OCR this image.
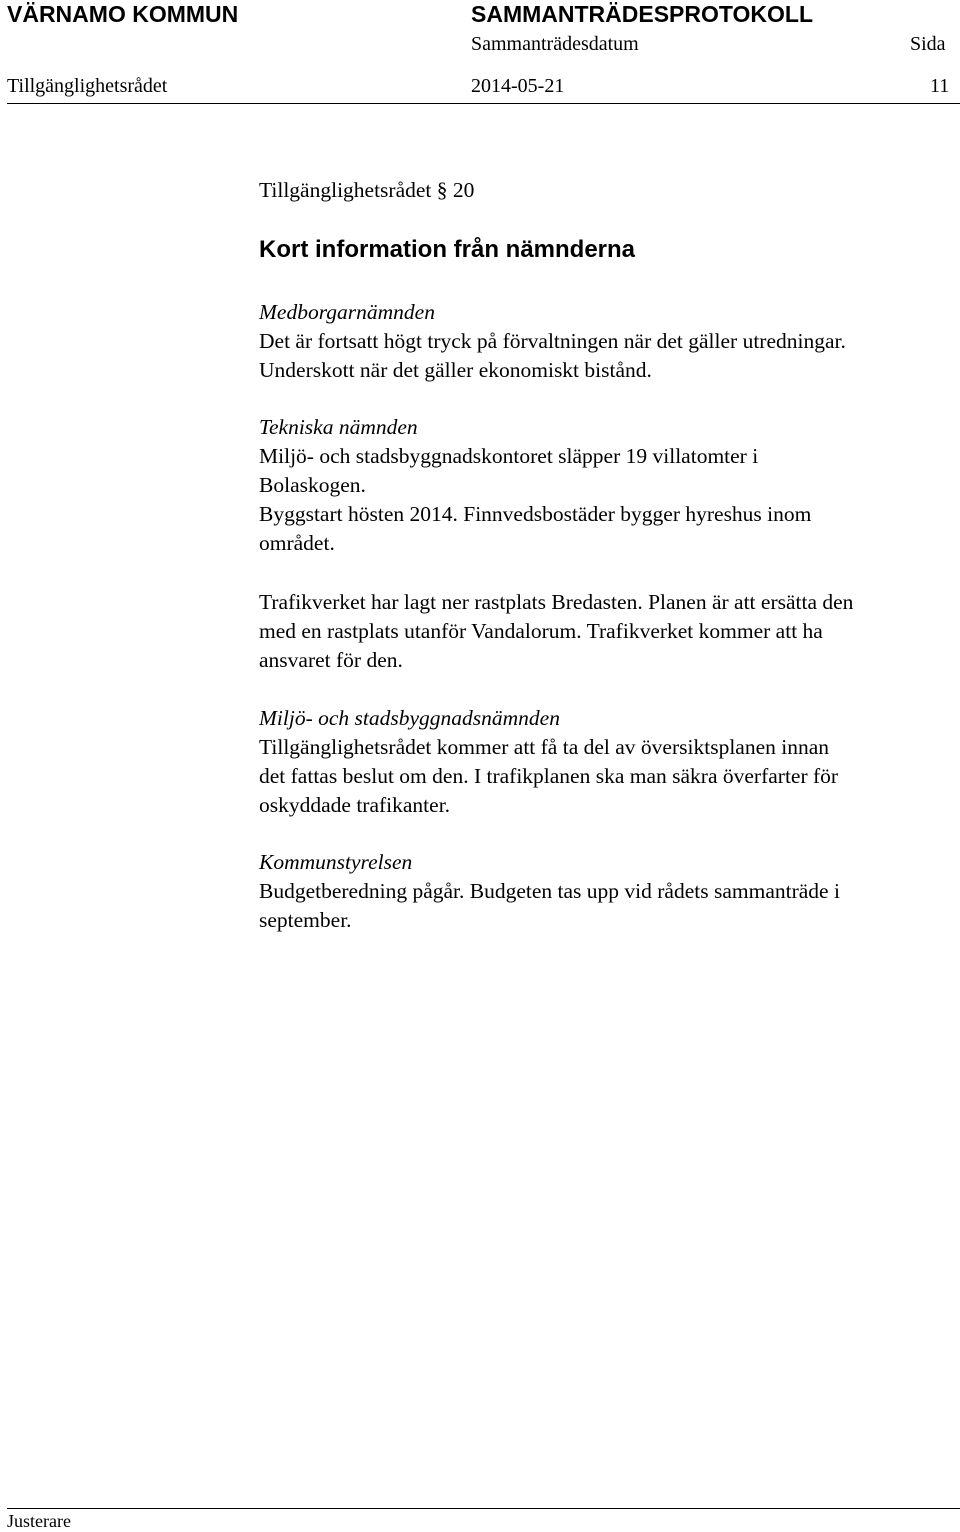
VÄRNAMO KOMMUN	SAMMANTRÄDESPROTOKOLL
Sammanträdesdatum	Sida
Tillgänglighetsrådet	2014-05-21	11

Tillgänglighetsrådet § 20

Kort information från nämnderna

Medborgarnämnden

Det är fortsatt högt tryck på förvaltningen när det gäller utredningar.

Underskott när det gäller ekonomiskt bistånd.

Tekniska nämnden

Miljö- och stadsbyggnadskontoret släpper 19 villatomter i

Bolaskogen.

Byggstart hösten 2014. Finnvedsbostäder bygger hyreshus inom

området.

Trafikverket har lagt ner rastplats Bredasten. Planen är att ersätta den

med en rastplats utanför Vandalorum. Trafikverket kommer att ha

ansvaret för den.

Miljö- och stadsbyggnadsnämnden

Tillgänglighetsrådet kommer att få ta del av översiktsplanen innan

det fattas beslut om den. I trafikplanen ska man säkra överfarter för

oskyddade trafikanter.

Kommunstyrelsen

Budgetberedning pågår. Budgeten tas upp vid rådets sammanträde i

september.

Justerare
